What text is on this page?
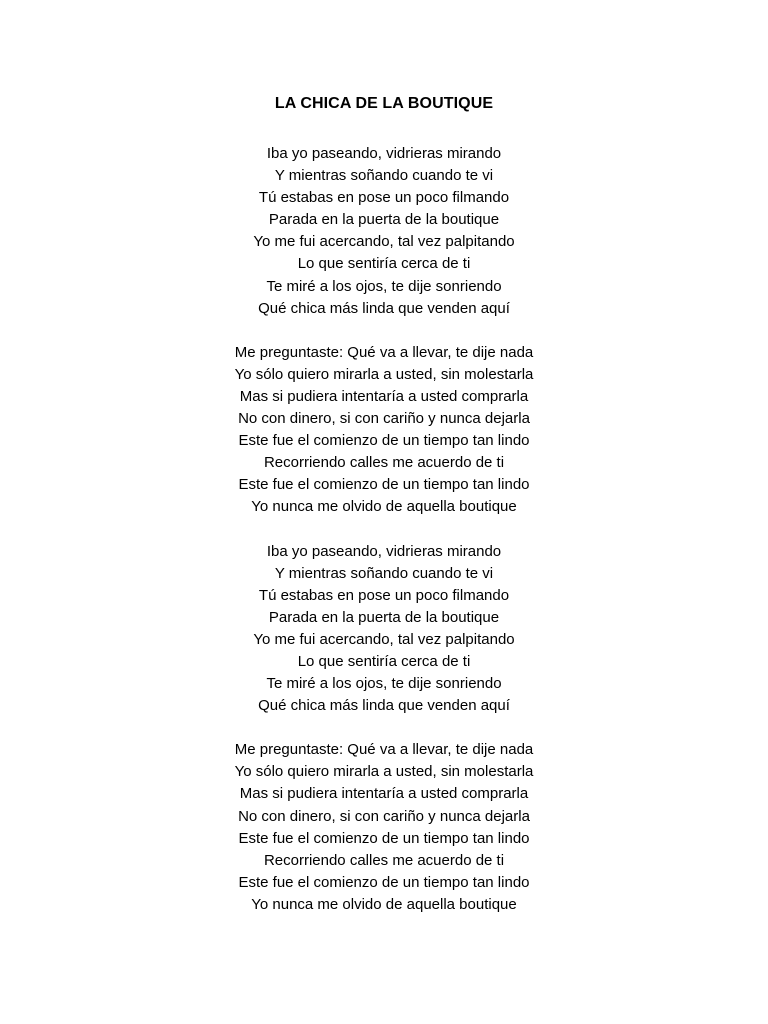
LA CHICA DE LA BOUTIQUE
Iba yo paseando, vidrieras mirando
Y mientras soñando cuando te vi
Tú estabas en pose un poco filmando
Parada en la puerta de la boutique
Yo me fui acercando, tal vez palpitando
Lo que sentiría cerca de ti
Te miré a los ojos, te dije sonriendo
Qué chica más linda que venden aquí
Me preguntaste: Qué va a llevar, te dije nada
Yo sólo quiero mirarla a usted, sin molestarla
Mas si pudiera intentaría a usted comprarla
No con dinero, si con cariño y nunca dejarla
Este fue el comienzo de un tiempo tan lindo
Recorriendo calles me acuerdo de ti
Este fue el comienzo de un tiempo tan lindo
Yo nunca me olvido de aquella boutique
Iba yo paseando, vidrieras mirando
Y mientras soñando cuando te vi
Tú estabas en pose un poco filmando
Parada en la puerta de la boutique
Yo me fui acercando, tal vez palpitando
Lo que sentiría cerca de ti
Te miré a los ojos, te dije sonriendo
Qué chica más linda que venden aquí
Me preguntaste: Qué va a llevar, te dije nada
Yo sólo quiero mirarla a usted, sin molestarla
Mas si pudiera intentaría a usted comprarla
No con dinero, si con cariño y nunca dejarla
Este fue el comienzo de un tiempo tan lindo
Recorriendo calles me acuerdo de ti
Este fue el comienzo de un tiempo tan lindo
Yo nunca me olvido de aquella boutique
